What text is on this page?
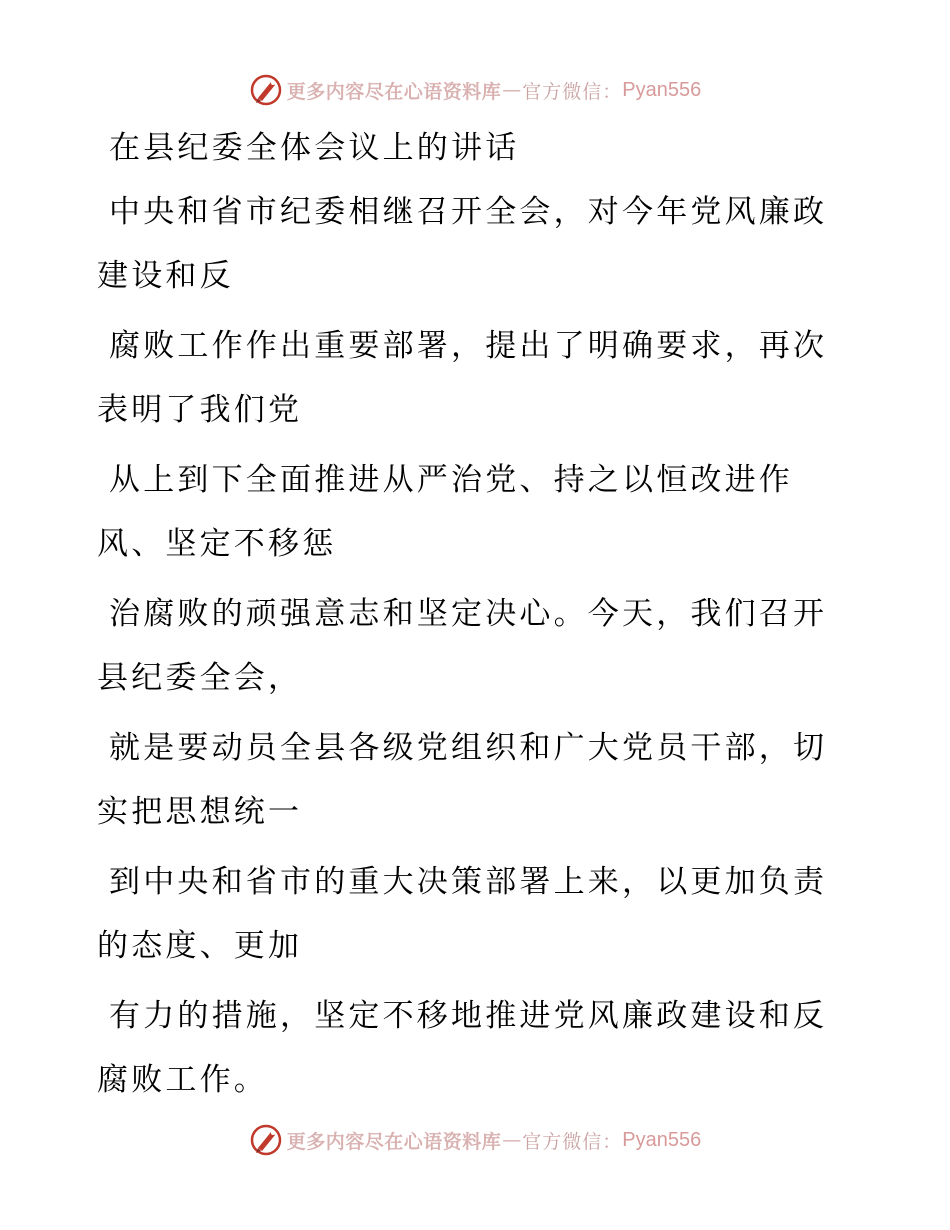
更多内容尽在心语资料库 — 官方微信： Pyan556
在县纪委全体会议上的讲话
中央和省市纪委相继召开全会，对今年党风廉政
建设和反
腐败工作作出重要部署，提出了明确要求，再次
表明了我们党
从上到下全面推进从严治党、持之以恒改进作
风、坚定不移惩
治腐败的顽强意志和坚定决心。今天，我们召开
县纪委全会，
就是要动员全县各级党组织和广大党员干部，切
实把思想统一
到中央和省市的重大决策部署上来，以更加负责
的态度、更加
有力的措施，坚定不移地推进党风廉政建设和反
腐败工作。
更多内容尽在心语资料库 — 官方微信： Pyan556
